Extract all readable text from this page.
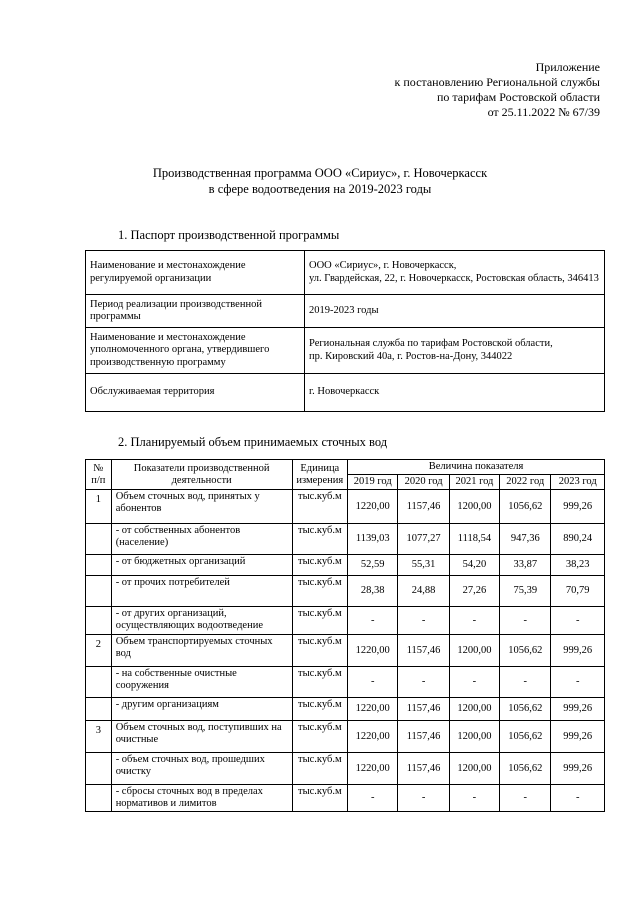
Приложение
к постановлению Региональной службы
по тарифам Ростовской области
от 25.11.2022 № 67/39
Производственная программа ООО «Сириус», г. Новочеркасск
в сфере водоотведения на 2019-2023 годы
1. Паспорт производственной программы
Наименование и местонахождение регулируемой организации	ООО «Сириус», г. Новочеркасск,
ул. Гвардейская, 22, г. Новочеркасск, Ростовская область, 346413

Период реализации производственной программы	2019-2023 годы

Наименование и местонахождение уполномоченного органа, утвердившего производственную программу	Региональная служба по тарифам Ростовской области,
пр. Кировский 40а, г. Ростов-на-Дону, 344022

Обслуживаемая территория	г. Новочеркасск
2. Планируемый объем принимаемых сточных вод
№ п/п	Показатели производственной деятельности	Единица измерения	Величина показателя				
			2019 год	2020 год	2021 год	2022 год	2023 год
1	Объем сточных вод, принятых у абонентов	тыс.куб.м	1220,00	1157,46	1200,00	1056,62	999,26
	- от собственных абонентов (население)	тыс.куб.м	1139,03	1077,27	1118,54	947,36	890,24
	- от бюджетных организаций	тыс.куб.м	52,59	55,31	54,20	33,87	38,23
	- от прочих потребителей	тыс.куб.м	28,38	24,88	27,26	75,39	70,79
	- от других организаций, осуществляющих водоотведение	тыс.куб.м	-	-	-	-	-
2	Объем транспортируемых сточных вод	тыс.куб.м	1220,00	1157,46	1200,00	1056,62	999,26
	- на собственные очистные сооружения	тыс.куб.м	-	-	-	-	-
	- другим организациям	тыс.куб.м	1220,00	1157,46	1200,00	1056,62	999,26
3	Объем сточных вод, поступивших на очистные	тыс.куб.м	1220,00	1157,46	1200,00	1056,62	999,26
	- объем сточных вод, прошедших очистку	тыс.куб.м	1220,00	1157,46	1200,00	1056,62	999,26
	- сбросы сточных вод в пределах нормативов и лимитов	тыс.куб.м	-	-	-	-	-
